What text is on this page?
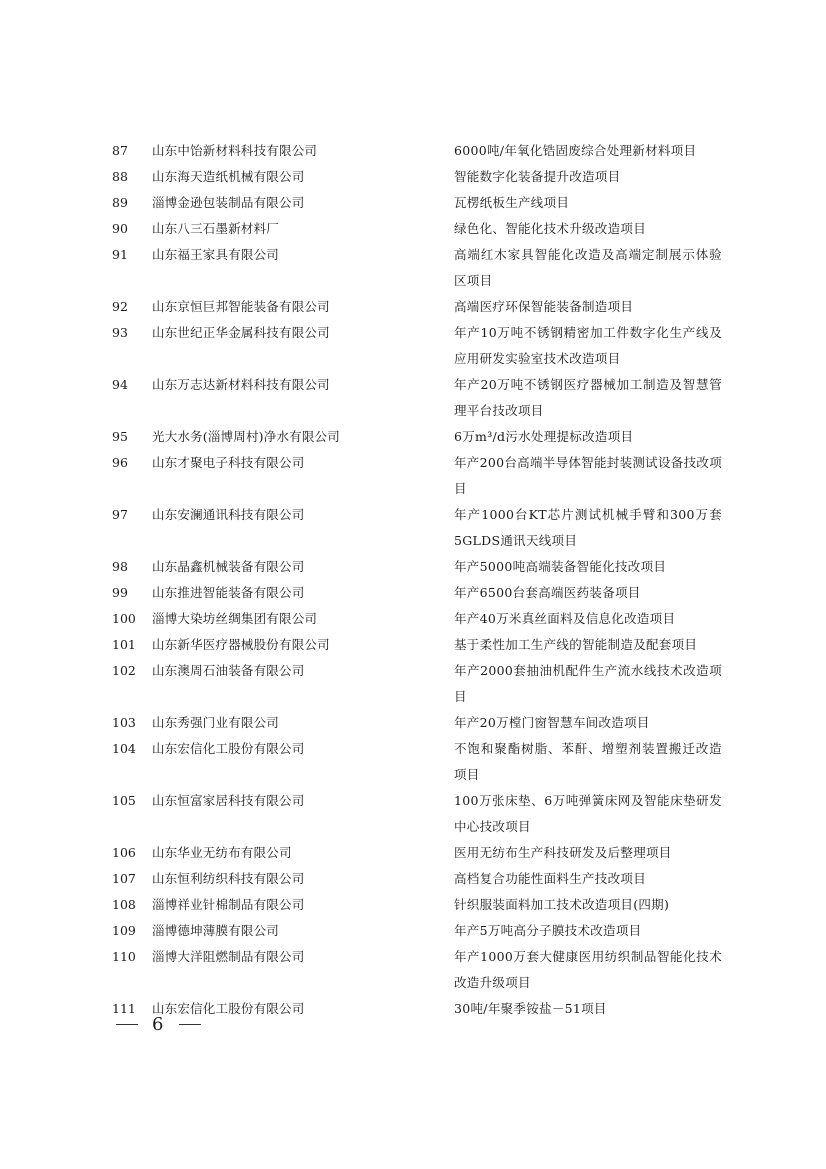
87	山东中饴新材料科技有限公司	6000吨/年氧化锆固废综合处理新材料项目
88	山东海天造纸机械有限公司	智能数字化装备提升改造项目
89	淄博金逊包装制品有限公司	瓦楞纸板生产线项目
90	山东八三石墨新材料厂	绿色化、智能化技术升级改造项目
91	山东福王家具有限公司	高端红木家具智能化改造及高端定制展示体验区项目
92	山东京恒巨邦智能装备有限公司	高端医疗环保智能装备制造项目
93	山东世纪正华金属科技有限公司	年产10万吨不锈钢精密加工件数字化生产线及应用研发实验室技术改造项目
94	山东万志达新材料科技有限公司	年产20万吨不锈钢医疗器械加工制造及智慧管理平台技改项目
95	光大水务(淄博周村)净水有限公司	6万m³/d污水处理提标改造项目
96	山东才聚电子科技有限公司	年产200台高端半导体智能封装测试设备技改项目
97	山东安澜通讯科技有限公司	年产1000台KT芯片测试机械手臂和300万套5GLDS通讯天线项目
98	山东晶鑫机械装备有限公司	年产5000吨高端装备智能化技改项目
99	山东推进智能装备有限公司	年产6500台套高端医药装备项目
100	淄博大染坊丝绸集团有限公司	年产40万米真丝面料及信息化改造项目
101	山东新华医疗器械股份有限公司	基于柔性加工生产线的智能制造及配套项目
102	山东澳周石油装备有限公司	年产2000套抽油机配件生产流水线技术改造项目
103	山东秀强门业有限公司	年产20万樘门窗智慧车间改造项目
104	山东宏信化工股份有限公司	不饱和聚酯树脂、苯酐、增塑剂装置搬迁改造项目
105	山东恒富家居科技有限公司	100万张床垫、6万吨弹簧床网及智能床垫研发中心技改项目
106	山东华业无纺布有限公司	医用无纺布生产科技研发及后整理项目
107	山东恒利纺织科技有限公司	高档复合功能性面料生产技改项目
108	淄博祥业针棉制品有限公司	针织服装面料加工技术改造项目(四期)
109	淄博德坤薄膜有限公司	年产5万吨高分子膜技术改造项目
110	淄博大洋阻燃制品有限公司	年产1000万套大健康医用纺织制品智能化技术改造升级项目
111	山东宏信化工股份有限公司	30吨/年聚季铵盐－51项目
6
